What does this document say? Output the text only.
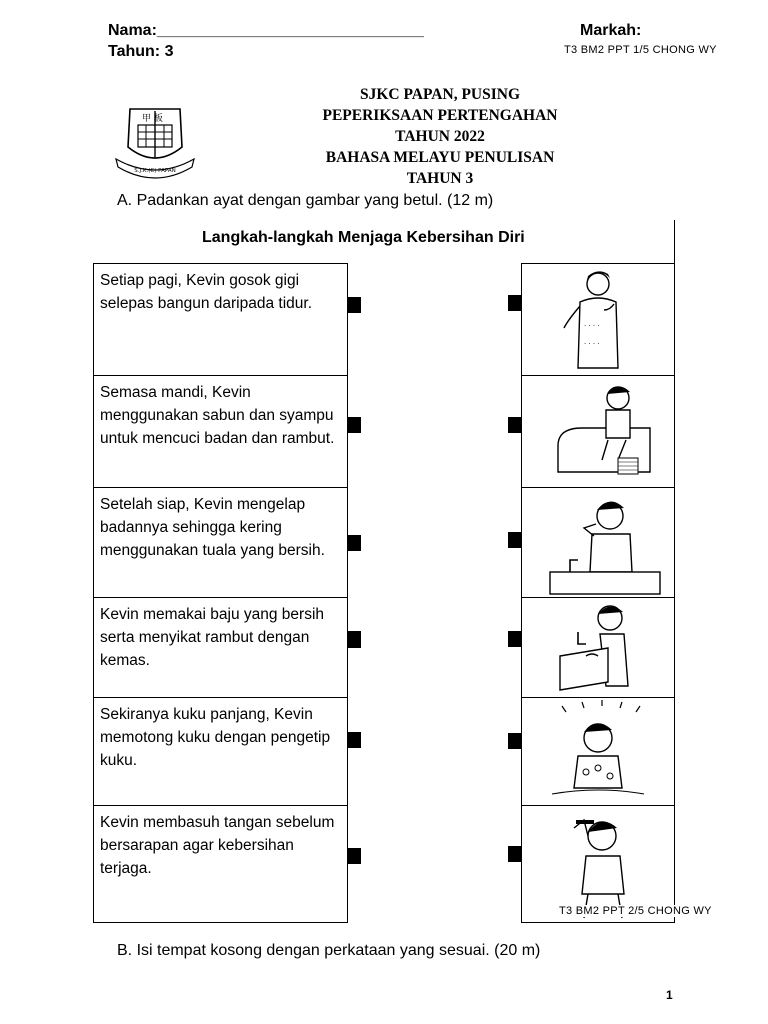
Nama:______________________________	Markah:
Tahun: 3	T3 BM2 PPT 1/5 CHONG WY
甲 板
S.J.K.(C) PAPAN
SJKC PAPAN, PUSING
PEPERIKSAAN PERTENGAHAN
TAHUN 2022
BAHASA MELAYU PENULISAN
TAHUN 3
A. Padankan ayat dengan gambar yang betul. (12 m)
Langkah-langkah Menjaga Kebersihan Diri
Setiap pagi, Kevin gosok gigi selepas bangun daripada tidur.
Semasa mandi, Kevin menggunakan sabun dan syampu untuk mencuci badan dan rambut.
Setelah siap, Kevin mengelap badannya sehingga kering menggunakan tuala yang bersih.
Kevin memakai baju yang bersih serta menyikat rambut dengan kemas.
Sekiranya kuku panjang, Kevin memotong kuku dengan pengetip kuku.
Kevin membasuh tangan sebelum bersarapan agar kebersihan terjaga.
. . . .
. . . .
T3 BM2 PPT 2/5 CHONG WY
B. Isi tempat kosong dengan perkataan yang sesuai. (20 m)
1
